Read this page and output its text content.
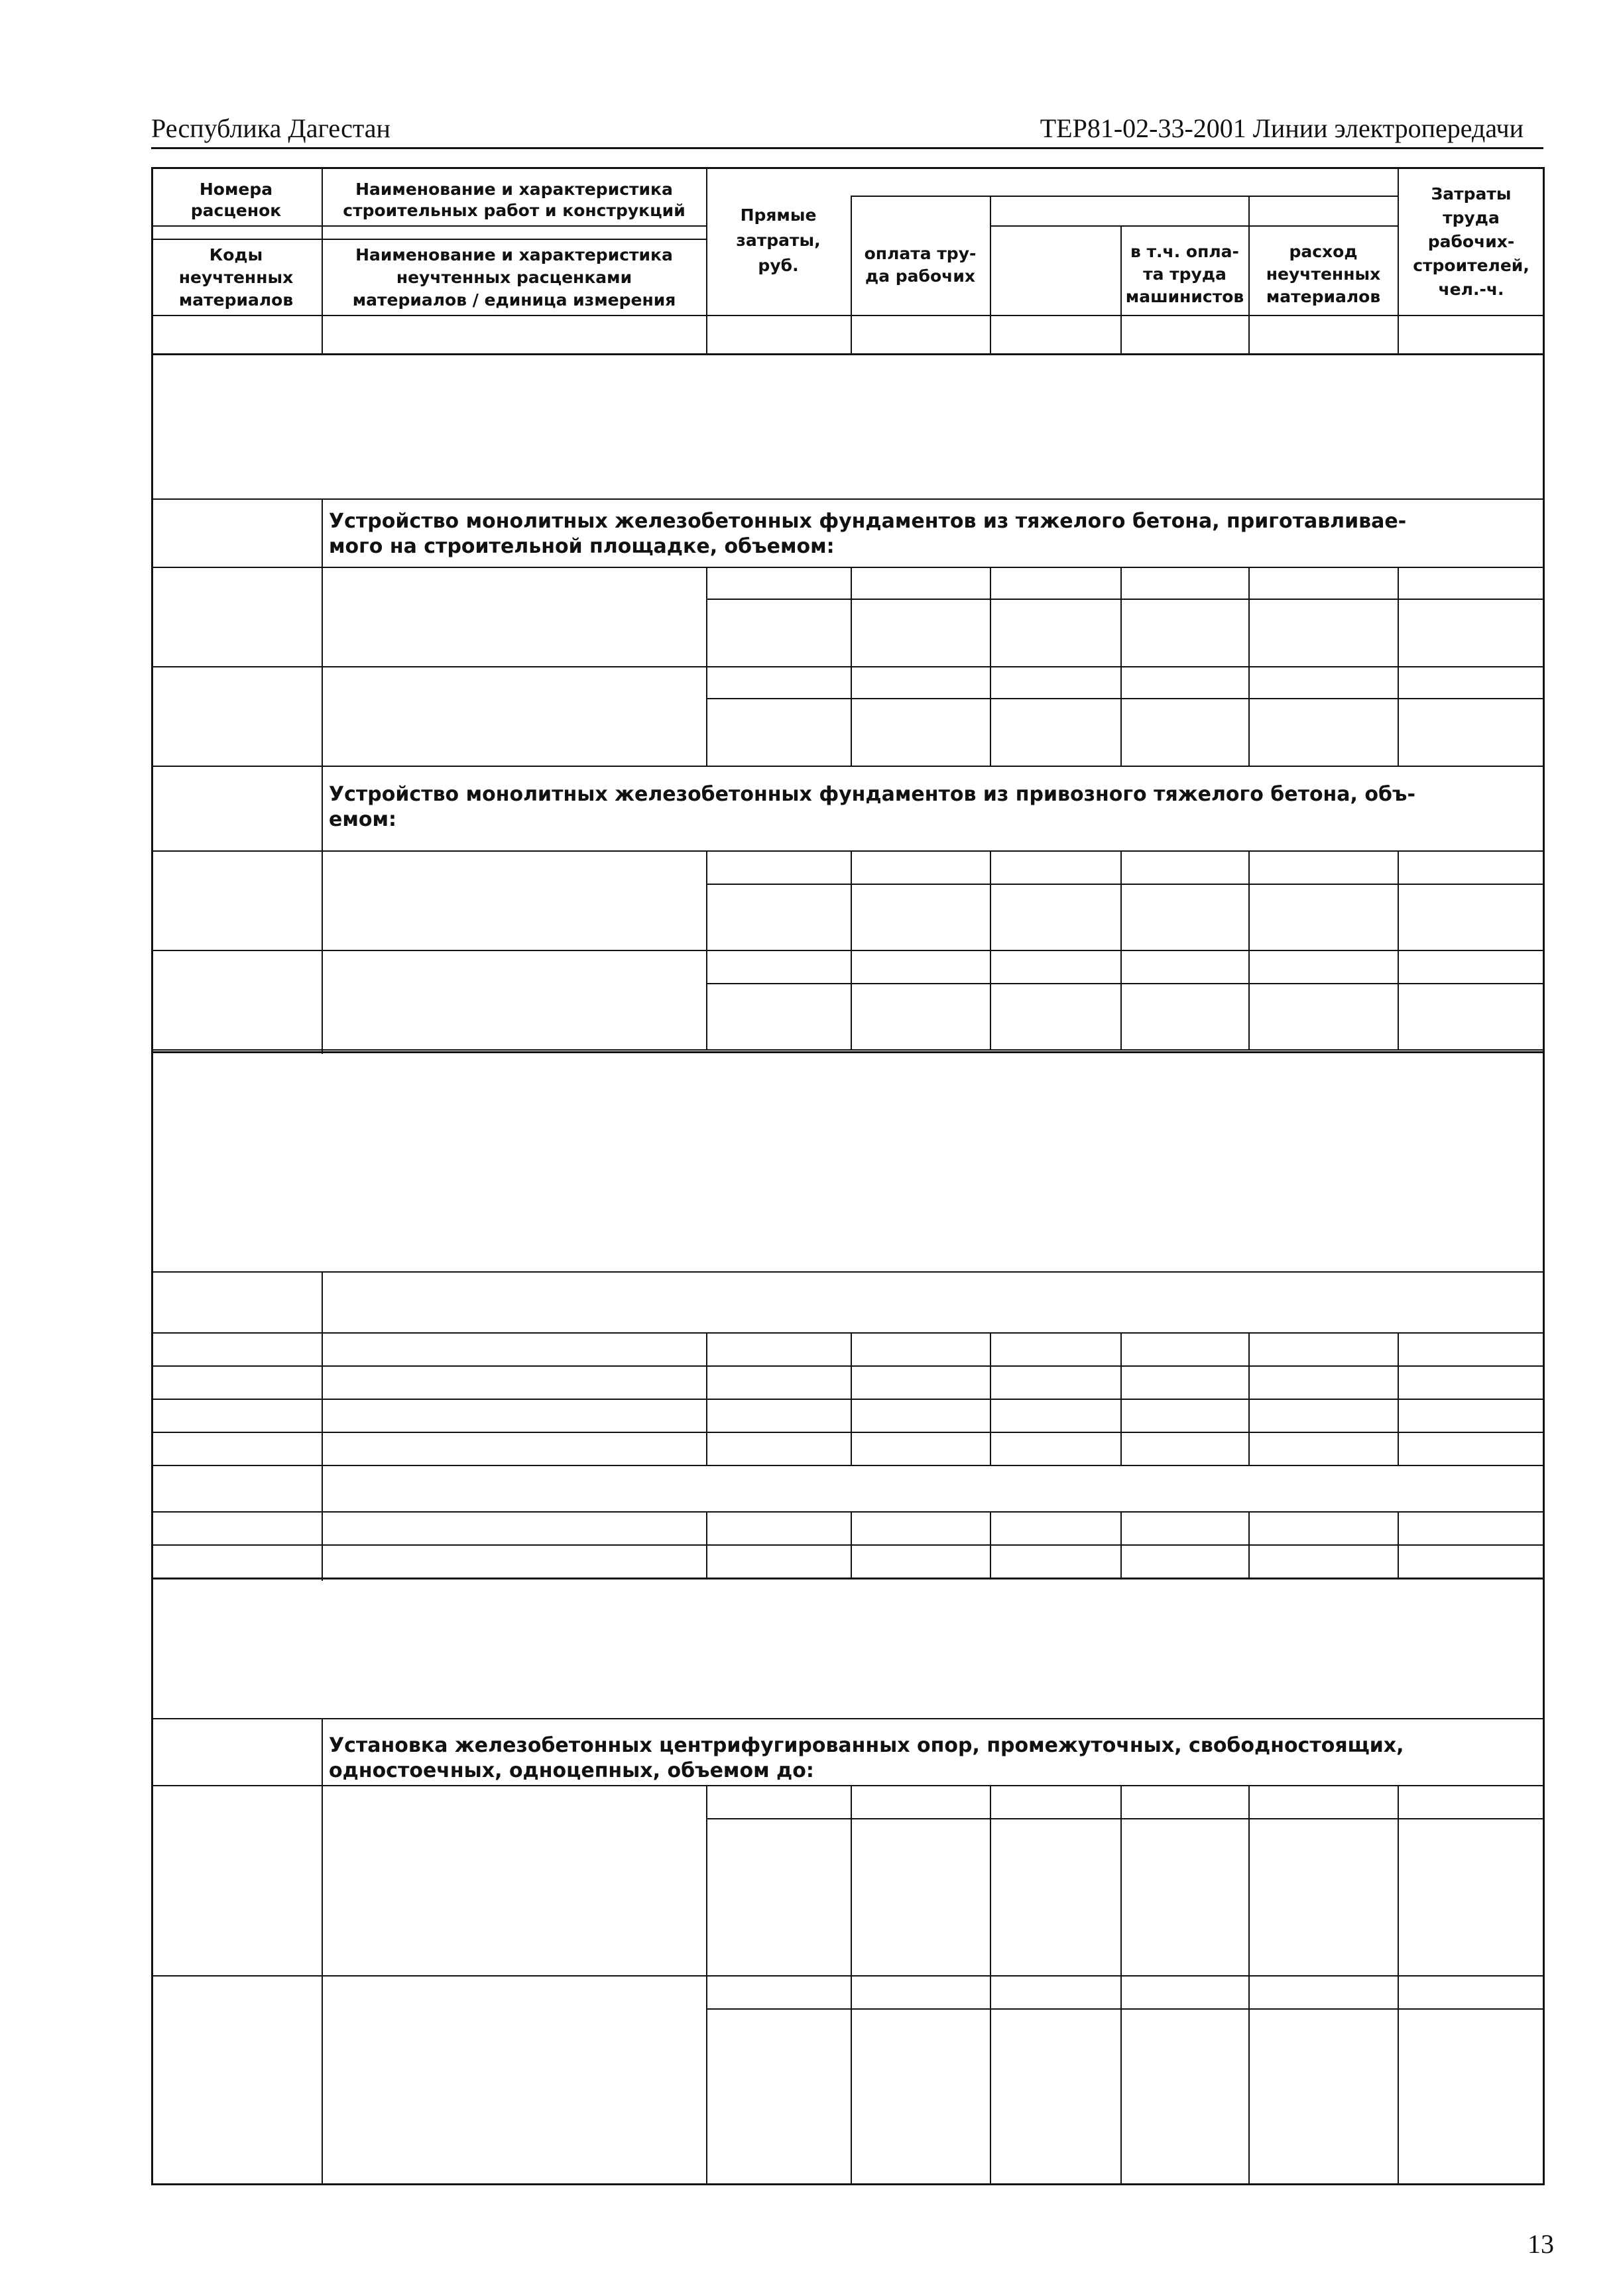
Республика Дагестан	ТЕР81-02-33-2001 Линии электропередачи
Номера
расценок
Коды
неучтенных
материалов
Наименование и характеристика
строительных работ и конструкций
Наименование и характеристика
неучтенных расценками
материалов / единица измерения
Прямые
затраты,
руб.
оплата тру-
да рабочих
в т.ч. опла-
та труда
машинистов
расход
неучтенных
материалов
Затраты
труда
рабочих-
строителей,
чел.-ч.
Устройство монолитных железобетонных фундаментов из тяжелого бетона, приготавливае-
мого на строительной площадке, объемом:
Устройство монолитных железобетонных фундаментов из привозного тяжелого бетона, объ-
емом:
Установка железобетонных центрифугированных опор, промежуточных, свободностоящих,
одностоечных, одноцепных, объемом до:
13
